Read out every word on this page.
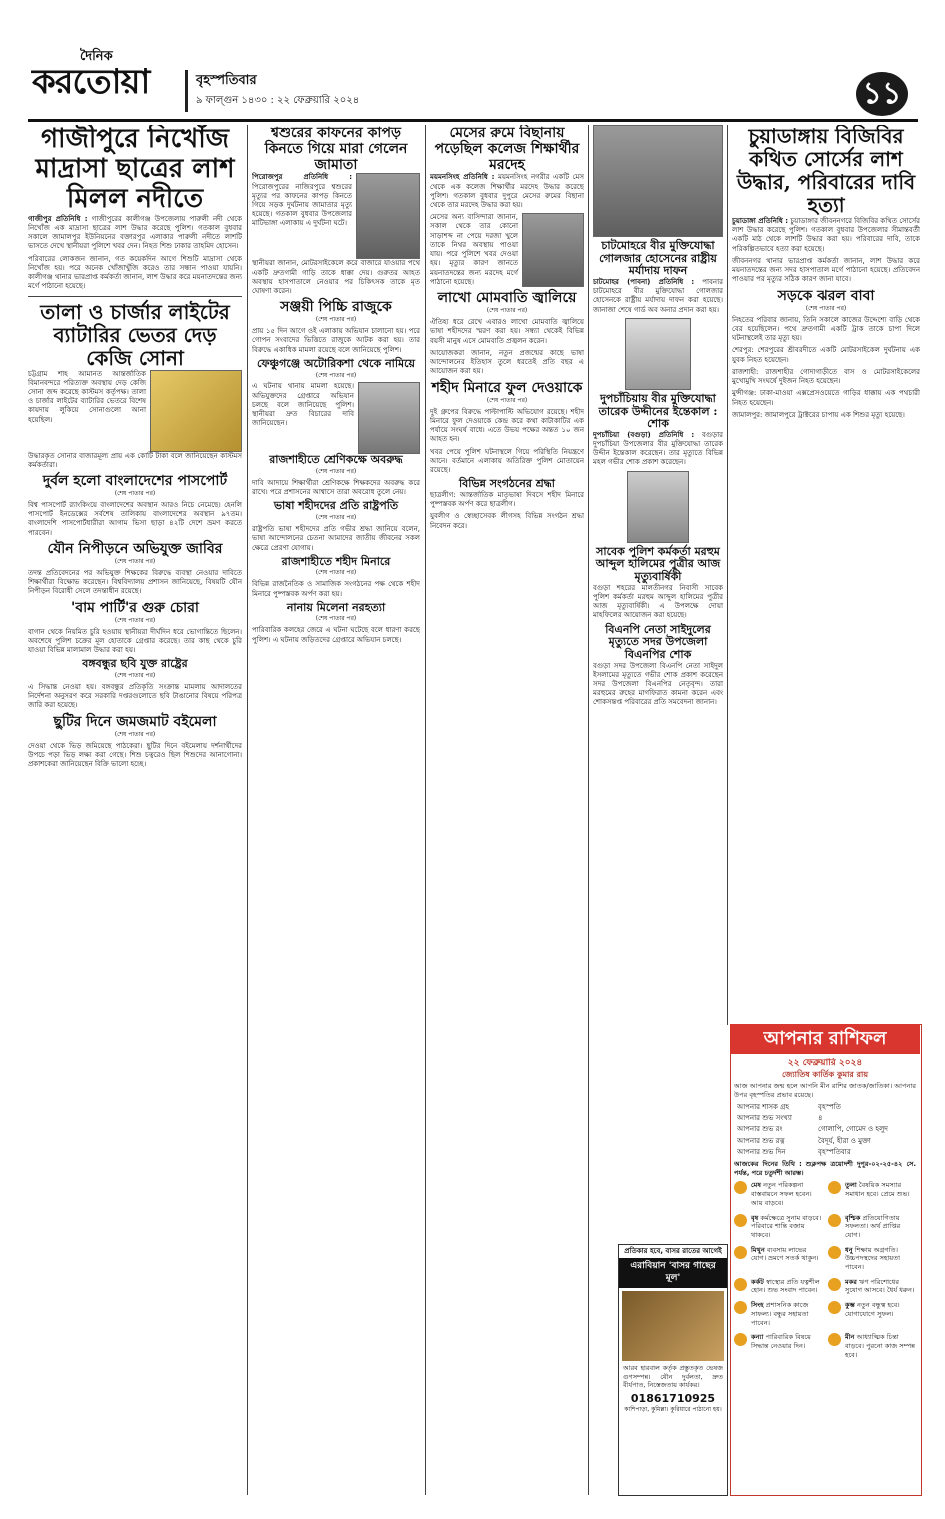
দৈনিক
করতোয়া	বৃহস্পতিবার
৯ ফাল্গুন ১৪৩০ : ২২ ফেব্রুয়ারি ২০২৪	১১
গাজীপুরে নিখোঁজ মাদ্রাসা ছাত্রের লাশ মিলল নদীতে

গাজীপুর প্রতিনিধি : গাজীপুরের কালীগঞ্জ উপজেলায় পারুলী নদী থেকে নিখোঁজ এক মাদ্রাসা ছাত্রের লাশ উদ্ধার করেছে পুলিশ। গতকাল বুধবার সকালে জামালপুর ইউনিয়নের বক্তারপুর এলাকার পারুলী নদীতে লাশটি ভাসতে দেখে স্থানীয়রা পুলিশে খবর দেন। নিহত শিশু ঢাকার তাহমিদ হোসেন।

পরিবারের লোকজন জানান, গত কয়েকদিন আগে শিশুটি মাদ্রাসা থেকে নিখোঁজ হয়। পরে অনেক খোঁজাখুঁজি করেও তার সন্ধান পাওয়া যায়নি। কালীগঞ্জ থানার ভারপ্রাপ্ত কর্মকর্তা জানান, লাশ উদ্ধার করে ময়নাতদন্তের জন্য মর্গে পাঠানো হয়েছে।

তালা ও চার্জার লাইটের ব্যাটারির ভেতর দেড় কেজি সোনা

চট্টগ্রাম শাহ আমানত আন্তর্জাতিক বিমানবন্দরে পরিত্যক্ত অবস্থায় দেড় কেজি সোনা জব্দ করেছে কাস্টমস কর্তৃপক্ষ। তালা ও চার্জার লাইটের ব্যাটারির ভেতরে বিশেষ কায়দায় লুকিয়ে সোনাগুলো আনা হয়েছিল।

উদ্ধারকৃত সোনার বাজারমূল্য প্রায় এক কোটি টাকা বলে জানিয়েছেন কাস্টমস কর্মকর্তারা।

দুর্বল হলো বাংলাদেশের পাসপোর্ট
(শেষ পাতার পর)

বিশ্ব পাসপোর্ট র‍্যাংকিংয়ে বাংলাদেশের অবস্থান আরও নিচে নেমেছে। হেনলি পাসপোর্ট ইনডেক্সের সর্বশেষ তালিকায় বাংলাদেশের অবস্থান ৯৭তম। বাংলাদেশি পাসপোর্টধারীরা আগাম ভিসা ছাড়া ৪২টি দেশে ভ্রমণ করতে পারবেন।

যৌন নিপীড়নে অভিযুক্ত জাবির
(শেষ পাতার পর)

তদন্ত প্রতিবেদনের পর অভিযুক্ত শিক্ষকের বিরুদ্ধে ব্যবস্থা নেওয়ার দাবিতে শিক্ষার্থীরা বিক্ষোভ করেছেন। বিশ্ববিদ্যালয় প্রশাসন জানিয়েছে, বিষয়টি যৌন নিপীড়ন বিরোধী সেলে তদন্তাধীন রয়েছে।

'বাম পার্টি'র গুরু চোরা
(শেষ পাতার পর)

বাগান থেকে নিয়মিত চুরি হওয়ায় স্থানীয়রা দীর্ঘদিন ধরে ভোগান্তিতে ছিলেন। অবশেষে পুলিশ চক্রের মূল হোতাকে গ্রেপ্তার করেছে। তার কাছ থেকে চুরি যাওয়া বিভিন্ন মালামাল উদ্ধার করা হয়।

বঙ্গবন্ধুর ছবি যুক্ত রাষ্ট্রের
(শেষ পাতার পর)

এ সিদ্ধান্ত নেওয়া হয়। বঙ্গবন্ধুর প্রতিকৃতি সংক্রান্ত মামলায় আদালতের নির্দেশনা অনুসরণ করে সরকারি দপ্তরগুলোতে ছবি টাঙানোর বিষয়ে পরিপত্র জারি করা হয়েছে।

ছুটির দিনে জমজমাট বইমেলা
(শেষ পাতার পর)

দেওয়া থেকে ভিড় জমিয়েছে পাঠকেরা। ছুটির দিনে বইমেলায় দর্শনার্থীদের উপচে পড়া ভিড় লক্ষ্য করা গেছে। শিশু চত্বরেও ছিল শিশুদের আনাগোনা। প্রকাশকেরা জানিয়েছেন বিক্রি ভালো হচ্ছে।

শ্বশুরের কাফনের কাপড় কিনতে গিয়ে মারা গেলেন জামাতা

পিরোজপুর প্রতিনিধি : পিরোজপুরের নাজিরপুরে শ্বশুরের মৃত্যুর পর কাফনের কাপড় কিনতে গিয়ে সড়ক দুর্ঘটনায় জামাতার মৃত্যু হয়েছে। গতকাল বুধবার উপজেলার মাটিভাঙ্গা এলাকায় এ দুর্ঘটনা ঘটে।

স্থানীয়রা জানান, মোটরসাইকেলে করে বাজারে যাওয়ার পথে একটি দ্রুতগামী গাড়ি তাকে ধাক্কা দেয়। গুরুতর আহত অবস্থায় হাসপাতালে নেওয়ার পর চিকিৎসক তাকে মৃত ঘোষণা করেন।

সঞ্জয়ী পিচ্চি রাজুকে
(শেষ পাতার পর)

প্রায় ১৫ দিন আগে ওই এলাকায় অভিযান চালানো হয়। পরে গোপন সংবাদের ভিত্তিতে রাজুকে আটক করা হয়। তার বিরুদ্ধে একাধিক মামলা রয়েছে বলে জানিয়েছে পুলিশ।

ফেঞ্চুগঞ্জে অটোরিকশা থেকে নামিয়ে
(শেষ পাতার পর)

এ ঘটনায় থানায় মামলা হয়েছে। অভিযুক্তদের গ্রেপ্তারে অভিযান চলছে বলে জানিয়েছে পুলিশ। স্থানীয়রা দ্রুত বিচারের দাবি জানিয়েছেন।

রাজশাহীতে শ্রেণিকক্ষে অবরুদ্ধ
(শেষ পাতার পর)

দাবি আদায়ে শিক্ষার্থীরা শ্রেণিকক্ষে শিক্ষকদের অবরুদ্ধ করে রাখে। পরে প্রশাসনের আশ্বাসে তারা অবরোধ তুলে নেয়।

ভাষা শহীদদের প্রতি রাষ্ট্রপতি
(শেষ পাতার পর)

রাষ্ট্রপতি ভাষা শহীদদের প্রতি গভীর শ্রদ্ধা জানিয়ে বলেন, ভাষা আন্দোলনের চেতনা আমাদের জাতীয় জীবনের সকল ক্ষেত্রে প্রেরণা যোগায়।

রাজশাহীতে শহীদ মিনারে
(শেষ পাতার পর)

বিভিন্ন রাজনৈতিক ও সামাজিক সংগঠনের পক্ষ থেকে শহীদ মিনারে পুষ্পস্তবক অর্পণ করা হয়।

নানায় মিলেনা নরহত্যা
(শেষ পাতার পর)

পারিবারিক কলহের জেরে এ ঘটনা ঘটেছে বলে ধারণা করছে পুলিশ। এ ঘটনায় জড়িতদের গ্রেপ্তারে অভিযান চলছে।

মেসের রুমে বিছানায় পড়েছিল কলেজ শিক্ষার্থীর মরদেহ

ময়মনসিংহ প্রতিনিধি : ময়মনসিংহ নগরীর একটি মেস থেকে এক কলেজ শিক্ষার্থীর মরদেহ উদ্ধার করেছে পুলিশ। গতকাল বুধবার দুপুরে মেসের রুমের বিছানা থেকে তার মরদেহ উদ্ধার করা হয়।

মেসের অন্য বাসিন্দারা জানান, সকাল থেকে তার কোনো সাড়াশব্দ না পেয়ে দরজা খুলে তাকে নিথর অবস্থায় পাওয়া যায়। পরে পুলিশে খবর দেওয়া হয়। মৃত্যুর কারণ জানতে ময়নাতদন্তের জন্য মরদেহ মর্গে পাঠানো হয়েছে।

লাখো মোমবাতি জ্বালিয়ে
(শেষ পাতার পর)

ঐতিহ্য ধরে রেখে এবারও লাখো মোমবাতি জ্বালিয়ে ভাষা শহীদদের স্মরণ করা হয়। সন্ধ্যা থেকেই বিভিন্ন বয়সী মানুষ এসে মোমবাতি প্রজ্বলন করেন।

আয়োজকরা জানান, নতুন প্রজন্মের কাছে ভাষা আন্দোলনের ইতিহাস তুলে ধরতেই প্রতি বছর এ আয়োজন করা হয়।

শহীদ মিনারে ফুল দেওয়াকে
(শেষ পাতার পর)

দুই গ্রুপের বিরুদ্ধে পাল্টাপাল্টি অভিযোগ রয়েছে। শহীদ মিনারে ফুল দেওয়াকে কেন্দ্র করে কথা কাটাকাটির এক পর্যায়ে সংঘর্ষ বাধে। এতে উভয় পক্ষের অন্তত ১০ জন আহত হন।

খবর পেয়ে পুলিশ ঘটনাস্থলে গিয়ে পরিস্থিতি নিয়ন্ত্রণে আনে। বর্তমানে এলাকায় অতিরিক্ত পুলিশ মোতায়েন রয়েছে।

বিভিন্ন সংগঠনের শ্রদ্ধা

ছাত্রলীগ: আন্তর্জাতিক মাতৃভাষা দিবসে শহীদ মিনারে পুষ্পস্তবক অর্পণ করে ছাত্রলীগ।

যুবলীগ ও স্বেচ্ছাসেবক লীগসহ বিভিন্ন সংগঠন শ্রদ্ধা নিবেদন করে।

চাটমোহরে বীর মুক্তিযোদ্ধা গোলজার হোসেনের রাষ্ট্রীয় মর্যাদায় দাফন

চাটমোহর (পাবনা) প্রতিনিধি : পাবনার চাটমোহরে বীর মুক্তিযোদ্ধা গোলজার হোসেনকে রাষ্ট্রীয় মর্যাদায় দাফন করা হয়েছে। জানাজা শেষে গার্ড অব অনার প্রদান করা হয়।

দুপচাঁচিয়ায় বীর মুক্তিযোদ্ধা তারেক উদ্দীনের ইন্তেকাল : শোক

দুপচাঁচিয়া (বগুড়া) প্রতিনিধি : বগুড়ার দুপচাঁচিয়া উপজেলার বীর মুক্তিযোদ্ধা তারেক উদ্দীন ইন্তেকাল করেছেন। তার মৃত্যুতে বিভিন্ন মহল গভীর শোক প্রকাশ করেছেন।

সাবেক পুলিশ কর্মকর্তা মরহুম আব্দুল হালিমের পুত্রীর আজ মৃত্যুবার্ষিকী

বগুড়া শহরের মালতীনগর নিবাসী সাবেক পুলিশ কর্মকর্তা মরহুম আব্দুল হালিমের পুত্রীর আজ মৃত্যুবার্ষিকী। এ উপলক্ষে দোয়া মাহফিলের আয়োজন করা হয়েছে।

বিএনপি নেতা সাইদুলের মৃত্যুতে সদর উপজেলা বিএনপির শোক

বগুড়া সদর উপজেলা বিএনপি নেতা সাইদুল ইসলামের মৃত্যুতে গভীর শোক প্রকাশ করেছেন সদর উপজেলা বিএনপির নেতৃবৃন্দ। তারা মরহুমের রুহের মাগফিরাত কামনা করেন এবং শোকসন্তপ্ত পরিবারের প্রতি সমবেদনা জানান।

প্রতিকার হবে, বাসর রাতের আগেই
এরাবিয়ান 'বাসর গাছের মূল'

আরব হারবাল কর্তৃক প্রস্তুতকৃত ভেষজ গুণসম্পন্ন। যৌন দুর্বলতা, দ্রুত বীর্যপাত, নিস্তেজতায় কার্যকর।

01861710925
কাশিপাড়া, কুমিল্লা। কুরিয়ারে পাঠানো হয়।
চুয়াডাঙ্গায় বিজিবির কথিত সোর্সের লাশ উদ্ধার, পরিবারের দাবি হত্যা

চুয়াডাঙ্গা প্রতিনিধি : চুয়াডাঙ্গার জীবননগরে বিজিবির কথিত সোর্সের লাশ উদ্ধার করেছে পুলিশ। গতকাল বুধবার উপজেলার সীমান্তবর্তী একটি মাঠ থেকে লাশটি উদ্ধার করা হয়। পরিবারের দাবি, তাকে পরিকল্পিতভাবে হত্যা করা হয়েছে।

জীবননগর থানার ভারপ্রাপ্ত কর্মকর্তা জানান, লাশ উদ্ধার করে ময়নাতদন্তের জন্য সদর হাসপাতাল মর্গে পাঠানো হয়েছে। প্রতিবেদন পাওয়ার পর মৃত্যুর সঠিক কারণ জানা যাবে।

সড়কে ঝরল বাবা
(শেষ পাতার পর)

নিহতের পরিবার জানায়, তিনি সকালে কাজের উদ্দেশ্যে বাড়ি থেকে বের হয়েছিলেন। পথে দ্রুতগামী একটি ট্রাক তাকে চাপা দিলে ঘটনাস্থলেই তার মৃত্যু হয়।

শেরপুর: শেরপুরের শ্রীবরদীতে একটি মোটরসাইকেল দুর্ঘটনায় এক যুবক নিহত হয়েছেন।

রাজশাহী: রাজশাহীর গোদাগাড়ীতে বাস ও মোটরসাইকেলের মুখোমুখি সংঘর্ষে দুইজন নিহত হয়েছেন।

মুন্সীগঞ্জ: ঢাকা-মাওয়া এক্সপ্রেসওয়েতে গাড়ির ধাক্কায় এক পথচারী নিহত হয়েছেন।

জামালপুর: জামালপুরে ট্রাক্টরের চাপায় এক শিশুর মৃত্যু হয়েছে।

আপনার রাশিফল
২২ ফেব্রুয়ারি ২০২৪
জ্যোতিষ কার্তিক কুমার রায়

আজ আপনার জন্ম হলে আপনি মীন রাশির জাতক/জাতিকা। আপনার উপর বৃহস্পতির প্রভাব রয়েছে।

আপনার শাসক গ্রহ	বৃহস্পতি
আপনার শুভ সংখ্যা	৪
আপনার শুভ রং	গোলাপি, গোমেদ ও হলুদ
আপনার শুভ রত্ন	বৈদূর্য, হীরা ও মুক্তা
আপনার শুভ দিন	বৃহস্পতিবার

আজকের দিনের তিথি : শুক্লপক্ষ ত্রয়োদশী দুপুর-০২-২৫-৪২ সে. পর্যন্ত, পরে চতুর্দশী আরম্ভ।

মেষ নতুন পরিকল্পনা বাস্তবায়নে সফল হবেন। আয় বাড়বে।
তুলা বৈষয়িক সমস্যার সমাধান হবে। প্রেমে শুভ।
বৃষ কর্মক্ষেত্রে সুনাম বাড়বে। পরিবারে শান্তি বজায় থাকবে।
বৃশ্চিক প্রতিযোগিতায় সফলতা। অর্থ প্রাপ্তির যোগ।
মিথুন ব্যবসায় লাভের যোগ। ভ্রমণে সতর্ক থাকুন।
ধনু শিক্ষায় অগ্রগতি। উচ্চপদস্থদের সহায়তা পাবেন।
কর্কট স্বাস্থ্যের প্রতি যত্নশীল হোন। শুভ সংবাদ পাবেন।
মকর ঋণ পরিশোধের সুযোগ আসবে। ধৈর্য ধরুন।
সিংহ প্রশাসনিক কাজে সাফল্য। বন্ধুর সহায়তা পাবেন।
কুম্ভ নতুন বন্ধুত্ব হবে। যোগাযোগে সুফল।
কন্যা পারিবারিক বিষয়ে সিদ্ধান্ত নেওয়ার দিন।
মীন আধ্যাত্মিক চিন্তা বাড়বে। পুরনো কাজ সম্পন্ন হবে।
